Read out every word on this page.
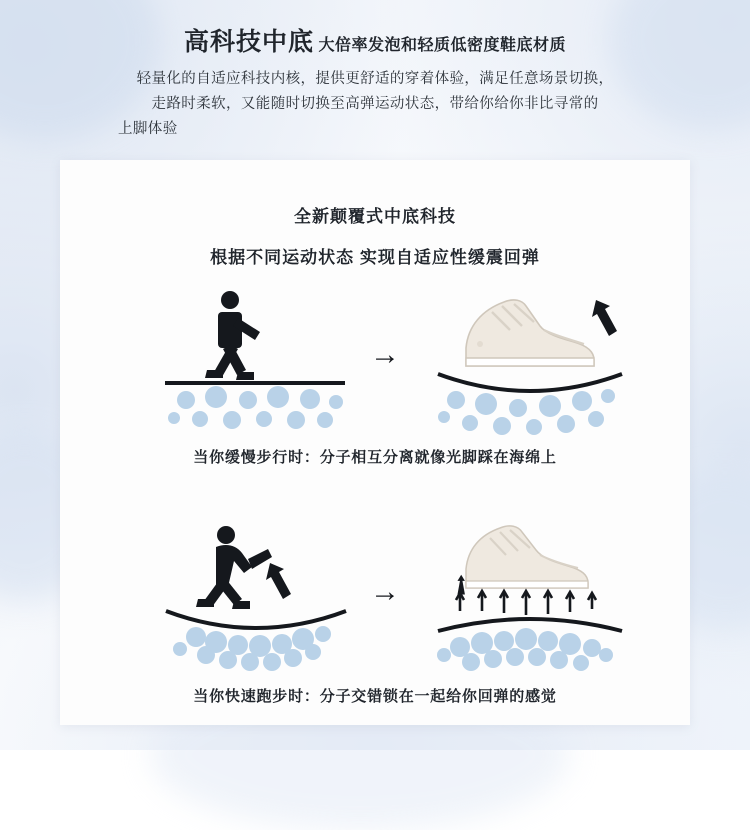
高科技中底 大倍率发泡和轻质低密度鞋底材质
轻量化的自适应科技内核，提供更舒适的穿着体验，满足任意场景切换，
走路时柔软，又能随时切换至高弹运动状态，带给你给你非比寻常的
上脚体验
全新颠覆式中底科技
根据不同运动状态 实现自适应性缓震回弹
→
当你缓慢步行时：分子相互分离就像光脚踩在海绵上
→
当你快速跑步时：分子交错锁在一起给你回弹的感觉
